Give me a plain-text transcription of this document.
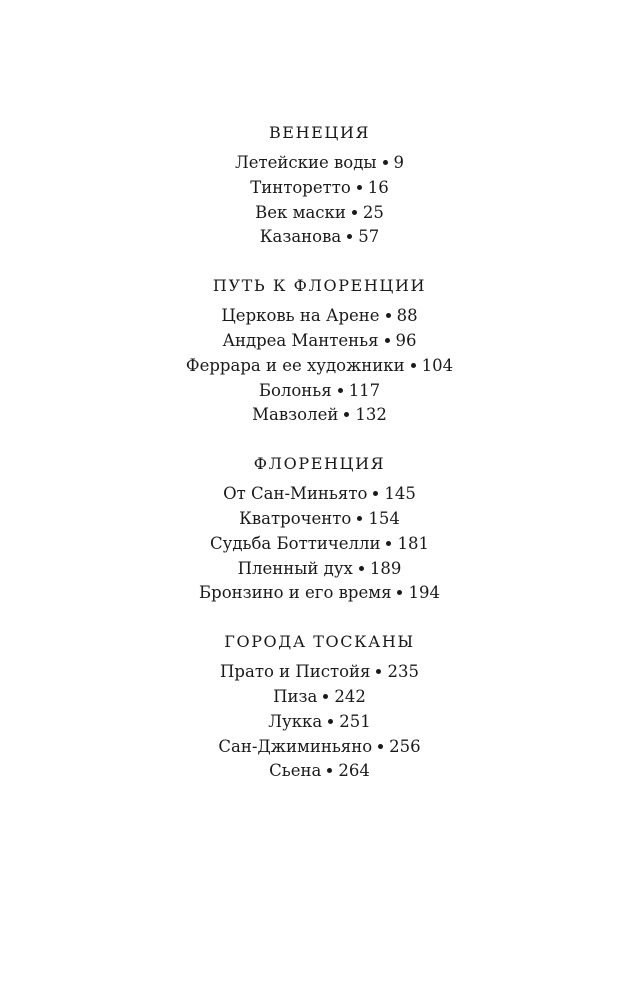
ВЕНЕЦИЯ
Летейские воды 9
Тинторетто 16
Век маски 25
Казанова 57
ПУТЬ К ФЛОРЕНЦИИ
Церковь на Арене 88
Андреа Мантенья 96
Феррара и ее художники 104
Болонья 117
Мавзолей 132
ФЛОРЕНЦИЯ
От Сан-Миньято 145
Кватроченто 154
Судьба Боттичелли 181
Пленный дух 189
Бронзино и его время 194
ГОРОДА ТОСКАНЫ
Прато и Пистойя 235
Пиза 242
Лукка 251
Сан-Джиминьяно 256
Сьена 264
